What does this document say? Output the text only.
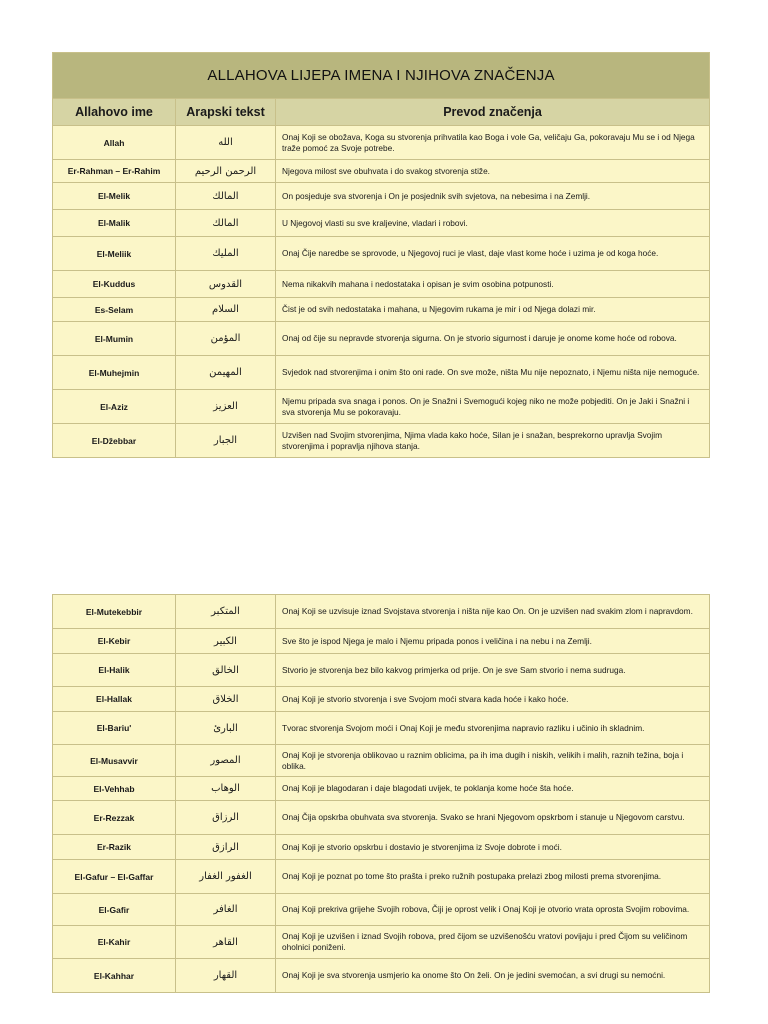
ALLAHOVA LIJEPA IMENA I NJIHOVA ZNAČENJA		
Allahovo ime	Arapski tekst	Prevod značenja
Allah	الله	Onaj Koji se obožava, Koga su stvorenja prihvatila kao Boga i vole Ga, veličaju Ga, pokoravaju Mu se i od Njega traže pomoć za Svoje potrebe.
Er-Rahman – Er-Rahim	الرحمن الرحيم	Njegova milost sve obuhvata i do svakog stvorenja stiže.
El-Melik	المالك	On posjeduje sva stvorenja i On je posjednik svih svjetova, na nebesima i na Zemlji.
El-Malik	المالك	U Njegovoj vlasti su sve kraljevine, vladari i robovi.
El-Meliik	المليك	Onaj Čije naredbe se sprovode, u Njegovoj ruci je vlast, daje vlast kome hoće i uzima je od koga hoće.
El-Kuddus	القدوس	Nema nikakvih mahana i nedostataka i opisan je svim osobina potpunosti.
Es-Selam	السلام	Čist je od svih nedostataka i mahana, u Njegovim rukama je mir i od Njega dolazi mir.
El-Mumin	المؤمن	Onaj od čije su nepravde stvorenja sigurna. On je stvorio sigurnost i daruje je onome kome hoće od robova.
El-Muhejmin	المهيمن	Svjedok nad stvorenjima i onim što oni rade. On sve može, ništa Mu nije nepoznato, i Njemu ništa nije nemoguće.
El-Aziz	العزيز	Njemu pripada sva snaga i ponos. On je Snažni i Svemogući kojeg niko ne može pobjediti. On je Jaki i Snažni i sva stvorenja Mu se pokoravaju.
El-Džebbar	الجبار	Uzvišen nad Svojim stvorenjima, Njima vlada kako hoće, Silan je i snažan, besprekorno upravlja Svojim stvorenjima i popravlja njihova stanja.
El-Mutekebbir	المتكبر	Onaj Koji se uzvisuje iznad Svojstava stvorenja i ništa nije kao On. On je uzvišen nad svakim zlom i napravdom.
El-Kebir	الكبير	Sve što je ispod Njega je malo i Njemu pripada ponos i veličina i na nebu i na Zemlji.
El-Halik	الخالق	Stvorio je stvorenja bez bilo kakvog primjerka od prije. On je sve Sam stvorio i nema sudruga.
El-Hallak	الخلاق	Onaj Koji je stvorio stvorenja i sve Svojom moći stvara kada hoće i kako hoće.
El-Bariu'	البارئ	Tvorac stvorenja Svojom moći i Onaj Koji je među stvorenjima napravio razliku i učinio ih skladnim.
El-Musavvir	المصور	Onaj Koji je stvorenja oblikovao u raznim oblicima, pa ih ima dugih i niskih, velikih i malih, raznih težina, boja i oblika.
El-Vehhab	الوهاب	Onaj Koji je blagodaran i daje blagodati uvijek, te poklanja kome hoće šta hoće.
Er-Rezzak	الرزاق	Onaj Čija opskrba obuhvata sva stvorenja. Svako se hrani Njegovom opskrbom i stanuje u Njegovom carstvu.
Er-Razik	الرازق	Onaj Koji je stvorio opskrbu i dostavio je stvorenjima iz Svoje dobrote i moći.
El-Gafur – El-Gaffar	الغفور الغفار	Onaj Koji je poznat po tome što prašta i preko ružnih postupaka prelazi zbog milosti prema stvorenjima.
El-Gafir	الغافر	Onaj Koji prekriva grijehe Svojih robova, Čiji je oprost velik i Onaj Koji je otvorio vrata oprosta Svojim robovima.
El-Kahir	القاهر	Onaj Koji je uzvišen i iznad Svojih robova, pred čijom se uzvišenošću vratovi povijaju i pred Čijom su veličinom oholnici poniženi.
El-Kahhar	القهار	Onaj Koji je sva stvorenja usmjerio ka onome što On želi. On je jedini svemoćan, a svi drugi su nemoćni.
